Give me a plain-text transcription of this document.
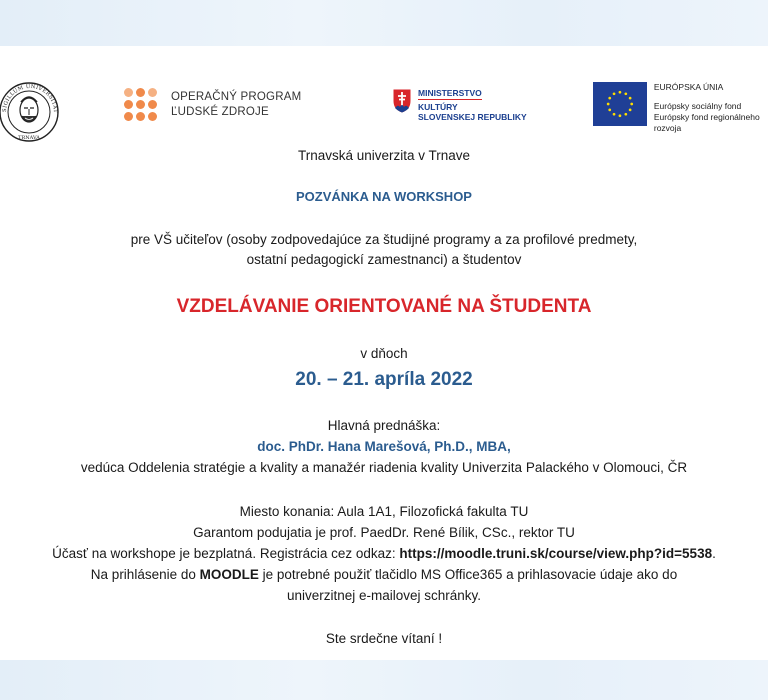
SIGILLUM UNIVERSITAT
TRNAVA
OPERAČNÝ PROGRAM
ĽUDSKÉ ZDROJE
MINISTERSTVO
KULTÚRY
SLOVENSKEJ REPUBLIKY
EURÓPSKA ÚNIA
Európsky sociálny fond
Európsky fond regionálneho rozvoja
Trnavská univerzita v Trnave
POZVÁNKA NA WORKSHOP
pre VŠ učiteľov (osoby zodpovedajúce za študijné programy a za profilové predmety,
ostatní pedagogickí zamestnanci) a študentov
VZDELÁVANIE ORIENTOVANÉ NA ŠTUDENTA
v dňoch
20. – 21. apríla 2022
Hlavná prednáška:
doc. PhDr. Hana Marešová, Ph.D., MBA,
vedúca Oddelenia stratégie a kvality a manažér riadenia kvality Univerzita Palackého v Olomouci, ČR
Miesto konania: Aula 1A1, Filozofická fakulta TU
Garantom podujatia je prof. PaedDr. René Bílik, CSc., rektor TU
Účasť na workshope je bezplatná. Registrácia cez odkaz: https://moodle.truni.sk/course/view.php?id=5538.
Na prihlásenie do MOODLE je potrebné použiť tlačidlo MS Office365 a prihlasovacie údaje ako do
univerzitnej e-mailovej schránky.
Ste srdečne vítaní !
